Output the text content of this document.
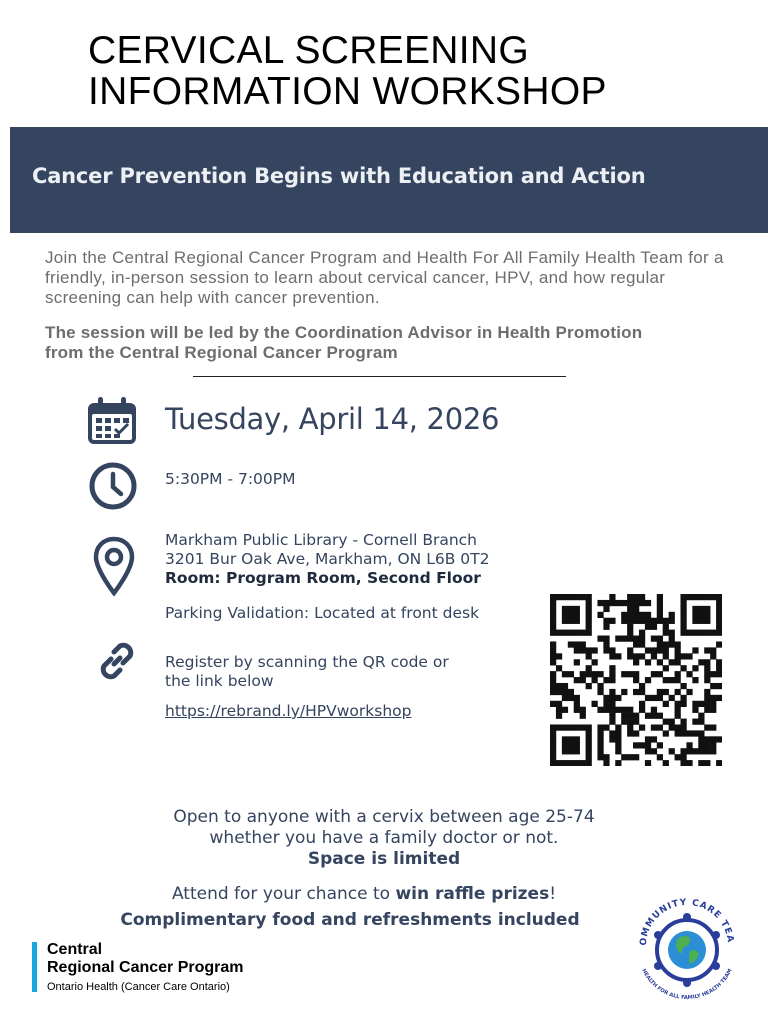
CERVICAL SCREENING
INFORMATION WORKSHOP

Cancer Prevention Begins with Education and Action

Join the Central Regional Cancer Program and Health For All Family Health Team for a friendly, in-person session to learn about cervical cancer, HPV, and how regular screening can help with cancer prevention.

The session will be led by the Coordination Advisor in Health Promotion
from the Central Regional Cancer Program

Tuesday, April 14, 2026

5:30PM - 7:00PM

Markham Public Library - Cornell Branch
3201 Bur Oak Ave, Markham, ON L6B 0T2
Room: Program Room, Second Floor

Parking Validation: Located at front desk

Register by scanning the QR code or
the link below

https://rebrand.ly/HPVworkshop

Open to anyone with a cervix between age 25-74
whether you have a family doctor or not.
Space is limited

Attend for your chance to win raffle prizes!

Complimentary food and refreshments included

Central
Regional Cancer Program
Ontario Health (Cancer Care Ontario)
OMMUNITY CARE TEA
HEALTH FOR ALL FAMILY HEALTH TEAM
